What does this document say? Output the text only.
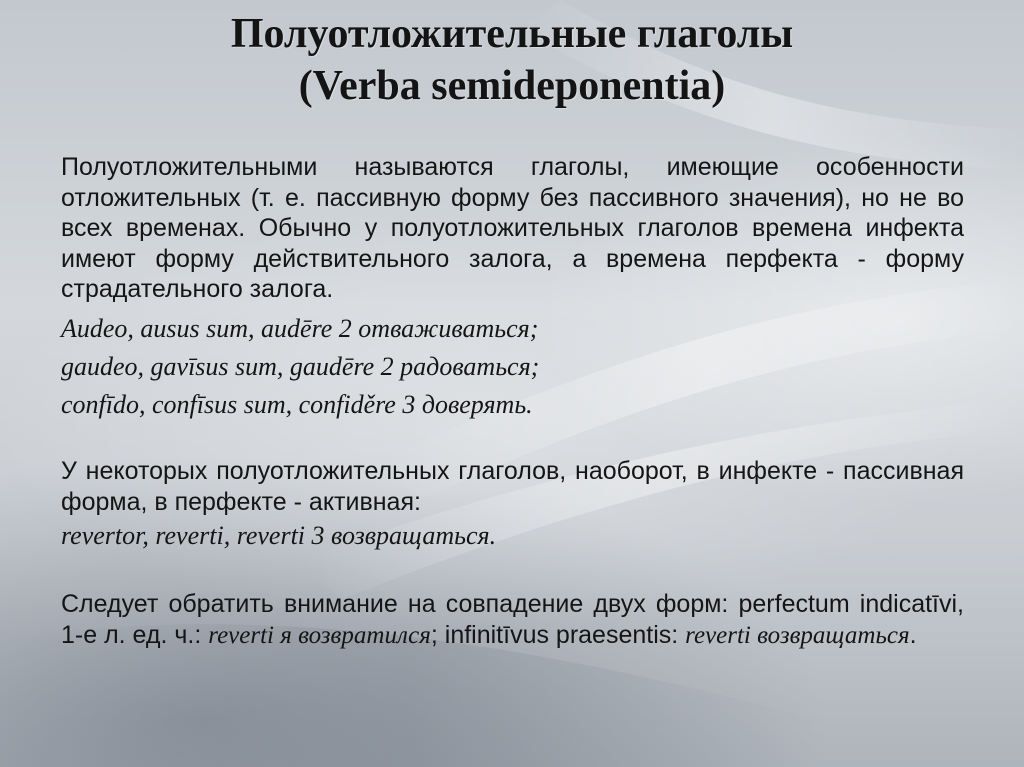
Полуотложительные глаголы
(Verba semideponentia)

Полуотложительными называются глаголы, имеющие особенности отложительных (т. е. пассивную форму без пассивного значения), но не во всех временах. Обычно у полуотложительных глаголов времена инфекта имеют форму действительного залога, а времена перфекта - форму страдательного залога.

Audeo, ausus sum, audēre 2 отваживаться;

gaudeo, gavīsus sum, gaudēre 2 радоваться;

confīdo, confīsus sum, confiděre 3 доверять.

У некоторых полуотложительных глаголов, наоборот, в инфекте - пассивная форма, в перфекте - активная:

revertor, reverti, reverti 3 возвращаться.

Следует обратить внимание на совпадение двух форм: perfectum indicatīvi, 1-е л. ед. ч.: reverti я возвратился; infinitīvus praesentis: reverti возвращаться.
